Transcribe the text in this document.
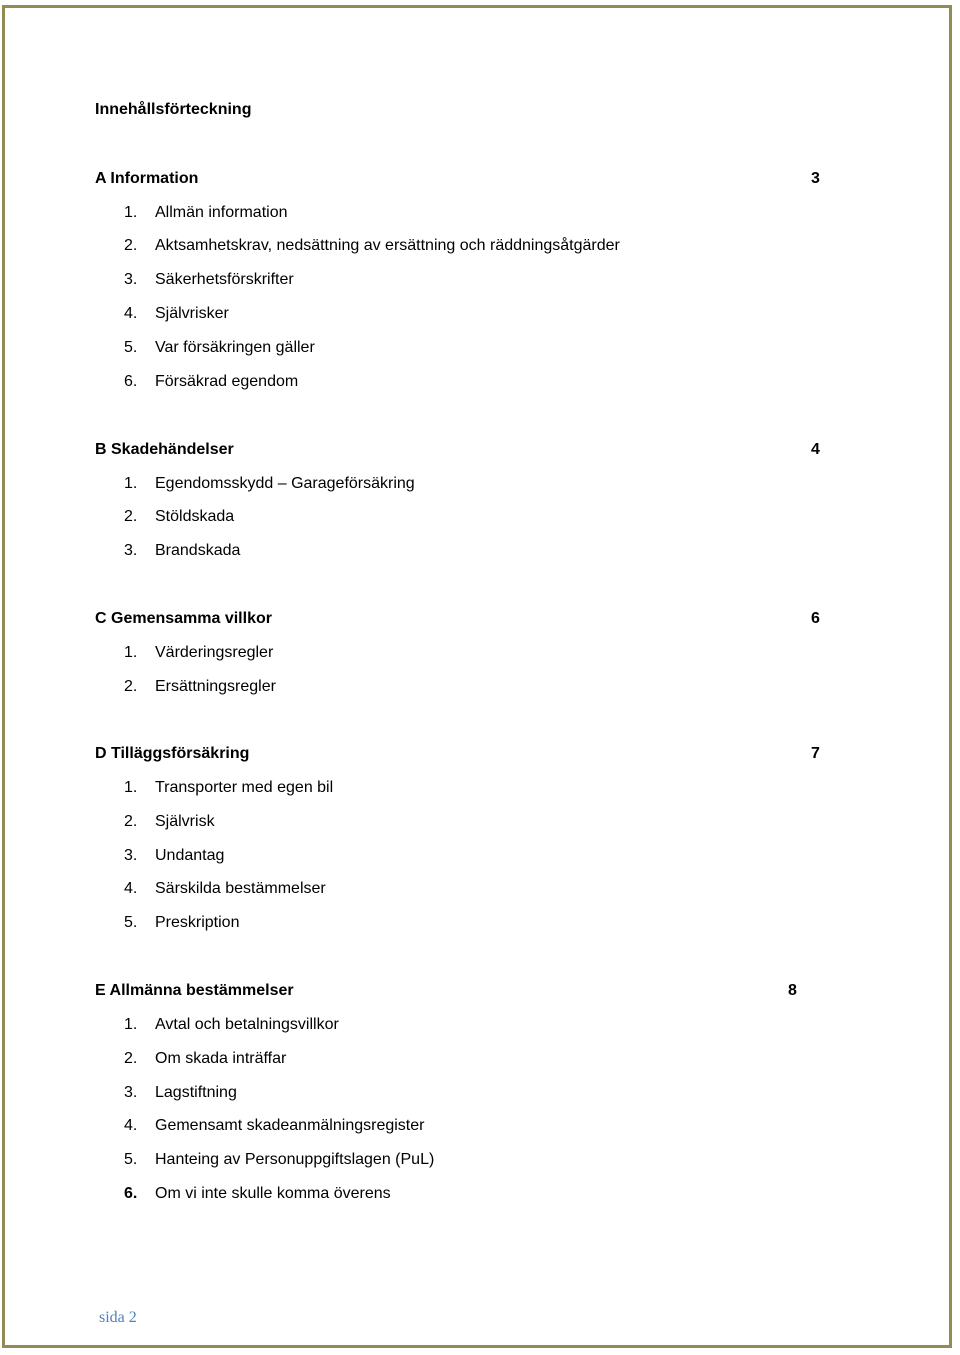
Innehållsförteckning
A Information	3
1. Allmän information
2. Aktsamhetskrav, nedsättning av ersättning och räddningsåtgärder
3. Säkerhetsförskrifter
4. Självrisker
5. Var försäkringen gäller
6. Försäkrad egendom
B Skadehändelser	4
1. Egendomsskydd – Garageförsäkring
2. Stöldskada
3. Brandskada
C Gemensamma villkor	6
1. Värderingsregler
2. Ersättningsregler
D Tilläggsförsäkring	7
1. Transporter med egen bil
2. Självrisk
3. Undantag
4. Särskilda bestämmelser
5. Preskription
E Allmänna bestämmelser	8
1. Avtal och betalningsvillkor
2. Om skada inträffar
3. Lagstiftning
4. Gemensamt skadeanmälningsregister
5. Hanteing av Personuppgiftslagen (PuL)
6. Om vi inte skulle komma överens
sida 2
